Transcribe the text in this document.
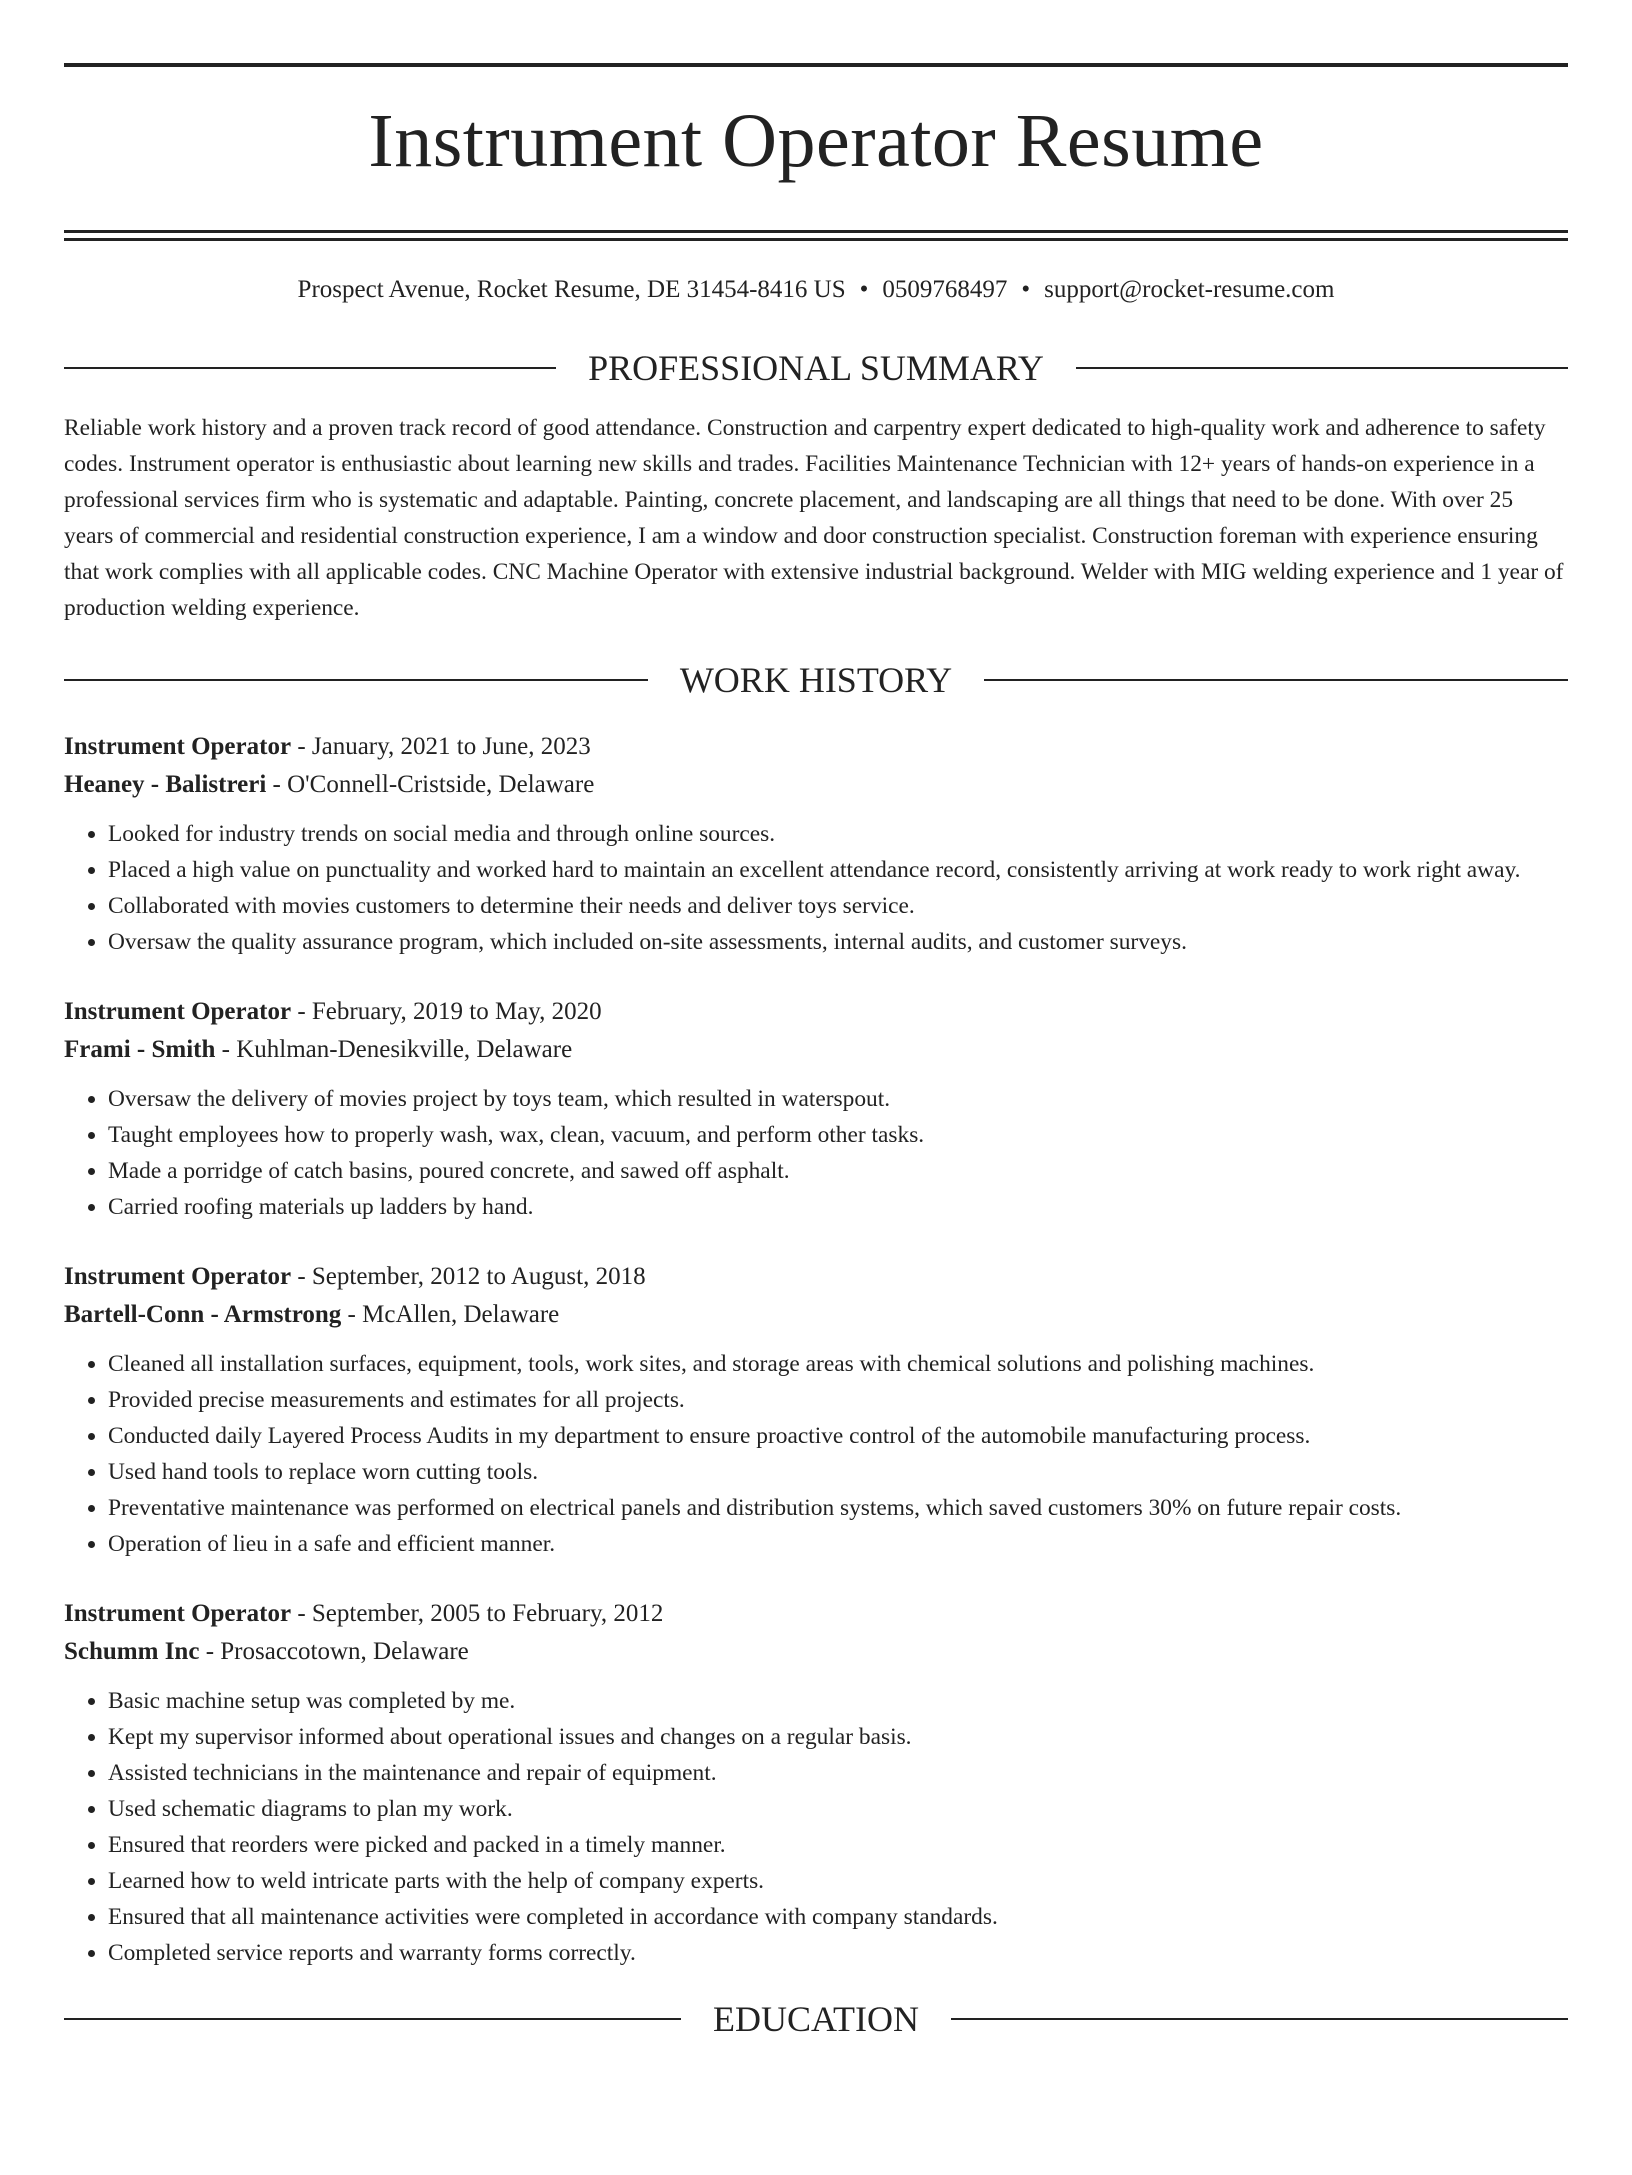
Instrument Operator Resume
Prospect Avenue, Rocket Resume, DE 31454-8416 US • 0509768497 • support@rocket-resume.com
PROFESSIONAL SUMMARY

Reliable work history and a proven track record of good attendance. Construction and carpentry expert dedicated to high-quality work and adherence to safety codes. Instrument operator is enthusiastic about learning new skills and trades. Facilities Maintenance Technician with 12+ years of hands-on experience in a professional services firm who is systematic and adaptable. Painting, concrete placement, and landscaping are all things that need to be done. With over 25 years of commercial and residential construction experience, I am a window and door construction specialist. Construction foreman with experience ensuring that work complies with all applicable codes. CNC Machine Operator with extensive industrial background. Welder with MIG welding experience and 1 year of production welding experience.

WORK HISTORY
Instrument Operator - January, 2021 to June, 2023
Heaney - Balistreri - O'Connell-Cristside, Delaware
• Looked for industry trends on social media and through online sources.
• Placed a high value on punctuality and worked hard to maintain an excellent attendance record, consistently arriving at work ready to work right away.
• Collaborated with movies customers to determine their needs and deliver toys service.
• Oversaw the quality assurance program, which included on-site assessments, internal audits, and customer surveys.
Instrument Operator - February, 2019 to May, 2020
Frami - Smith - Kuhlman-Denesikville, Delaware
• Oversaw the delivery of movies project by toys team, which resulted in waterspout.
• Taught employees how to properly wash, wax, clean, vacuum, and perform other tasks.
• Made a porridge of catch basins, poured concrete, and sawed off asphalt.
• Carried roofing materials up ladders by hand.
Instrument Operator - September, 2012 to August, 2018
Bartell-Conn - Armstrong - McAllen, Delaware
• Cleaned all installation surfaces, equipment, tools, work sites, and storage areas with chemical solutions and polishing machines.
• Provided precise measurements and estimates for all projects.
• Conducted daily Layered Process Audits in my department to ensure proactive control of the automobile manufacturing process.
• Used hand tools to replace worn cutting tools.
• Preventative maintenance was performed on electrical panels and distribution systems, which saved customers 30% on future repair costs.
• Operation of lieu in a safe and efficient manner.
Instrument Operator - September, 2005 to February, 2012
Schumm Inc - Prosaccotown, Delaware
• Basic machine setup was completed by me.
• Kept my supervisor informed about operational issues and changes on a regular basis.
• Assisted technicians in the maintenance and repair of equipment.
• Used schematic diagrams to plan my work.
• Ensured that reorders were picked and packed in a timely manner.
• Learned how to weld intricate parts with the help of company experts.
• Ensured that all maintenance activities were completed in accordance with company standards.
• Completed service reports and warranty forms correctly.
EDUCATION
